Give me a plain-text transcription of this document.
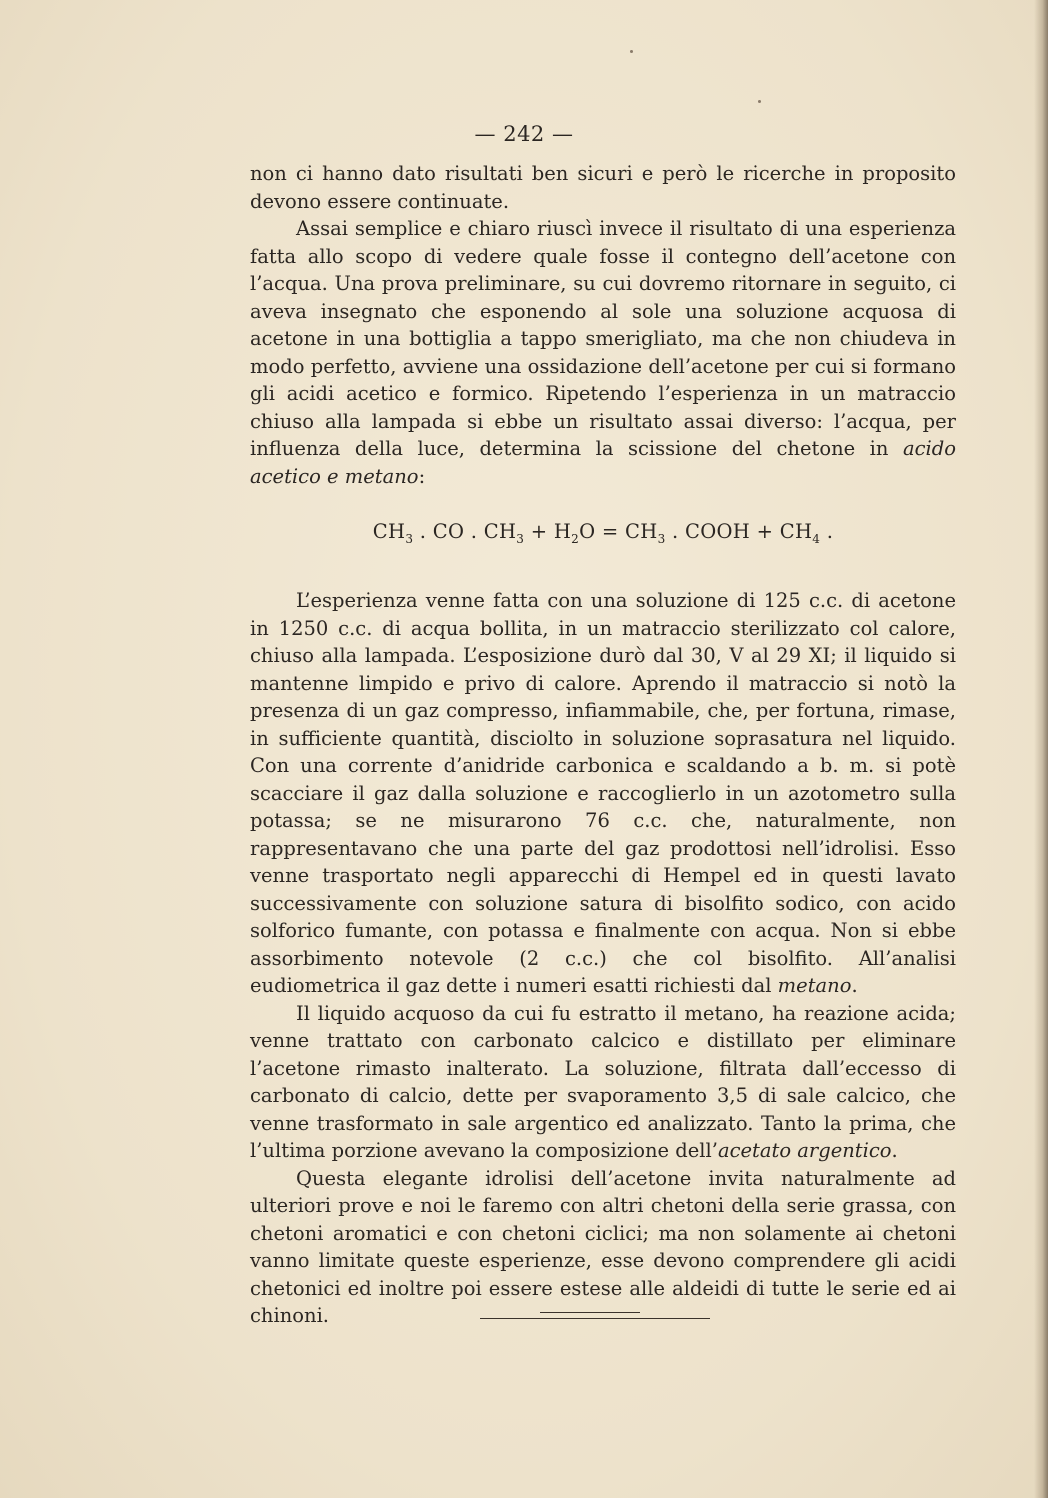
— 242 —

non ci hanno dato risultati ben sicuri e però le ricerche in proposito devono essere continuate.

Assai semplice e chiaro riuscì invece il risultato di una esperienza fatta allo scopo di vedere quale fosse il contegno dell’acetone con l’acqua. Una prova preliminare, su cui dovremo ritornare in seguito, ci aveva insegnato che esponendo al sole una soluzione acquosa di acetone in una bottiglia a tappo smerigliato, ma che non chiudeva in modo perfetto, avviene una ossidazione dell’acetone per cui si formano gli acidi acetico e formico. Ripetendo l’esperienza in un matraccio chiuso alla lampada si ebbe un risultato assai diverso: l’acqua, per influenza della luce, determina la scissione del chetone in acido acetico e metano:

$CH_3$ . CO . $CH_3 + H_2O = CH_3$ . COOH + $CH_4$ .

L’esperienza venne fatta con una soluzione di 125 c.c. di acetone in 1250 c.c. di acqua bollita, in un matraccio sterilizzato col calore, chiuso alla lampada. L’esposizione durò dal 30, V al 29 XI; il liquido si mantenne limpido e privo di calore. Aprendo il matraccio si notò la presenza di un gaz compresso, infiammabile, che, per fortuna, rimase, in sufficiente quantità, disciolto in soluzione soprasatura nel liquido. Con una corrente d’anidride carbonica e scaldando a b. m. si potè scacciare il gaz dalla soluzione e raccoglierlo in un azotometro sulla potassa; se ne misurarono 76 c.c. che, naturalmente, non rappresentavano che una parte del gaz prodottosi nell’idrolisi. Esso venne trasportato negli apparecchi di Hempel ed in questi lavato successivamente con soluzione satura di bisolfito sodico, con acido solforico fumante, con potassa e finalmente con acqua. Non si ebbe assorbimento notevole (2 c.c.) che col bisolfito. All’analisi eudiometrica il gaz dette i numeri esatti richiesti dal metano.

Il liquido acquoso da cui fu estratto il metano, ha reazione acida; venne trattato con carbonato calcico e distillato per eliminare l’acetone rimasto inalterato. La soluzione, filtrata dall’eccesso di carbonato di calcio, dette per svaporamento 3,5 di sale calcico, che venne trasformato in sale argentico ed analizzato. Tanto la prima, che l’ultima porzione avevano la composizione dell’acetato argentico.

Questa elegante idrolisi dell’acetone invita naturalmente ad ulteriori prove e noi le faremo con altri chetoni della serie grassa, con chetoni aromatici e con chetoni ciclici; ma non solamente ai chetoni vanno limitate queste esperienze, esse devono comprendere gli acidi chetonici ed inoltre poi essere estese alle aldeidi di tutte le serie ed ai chinoni.
